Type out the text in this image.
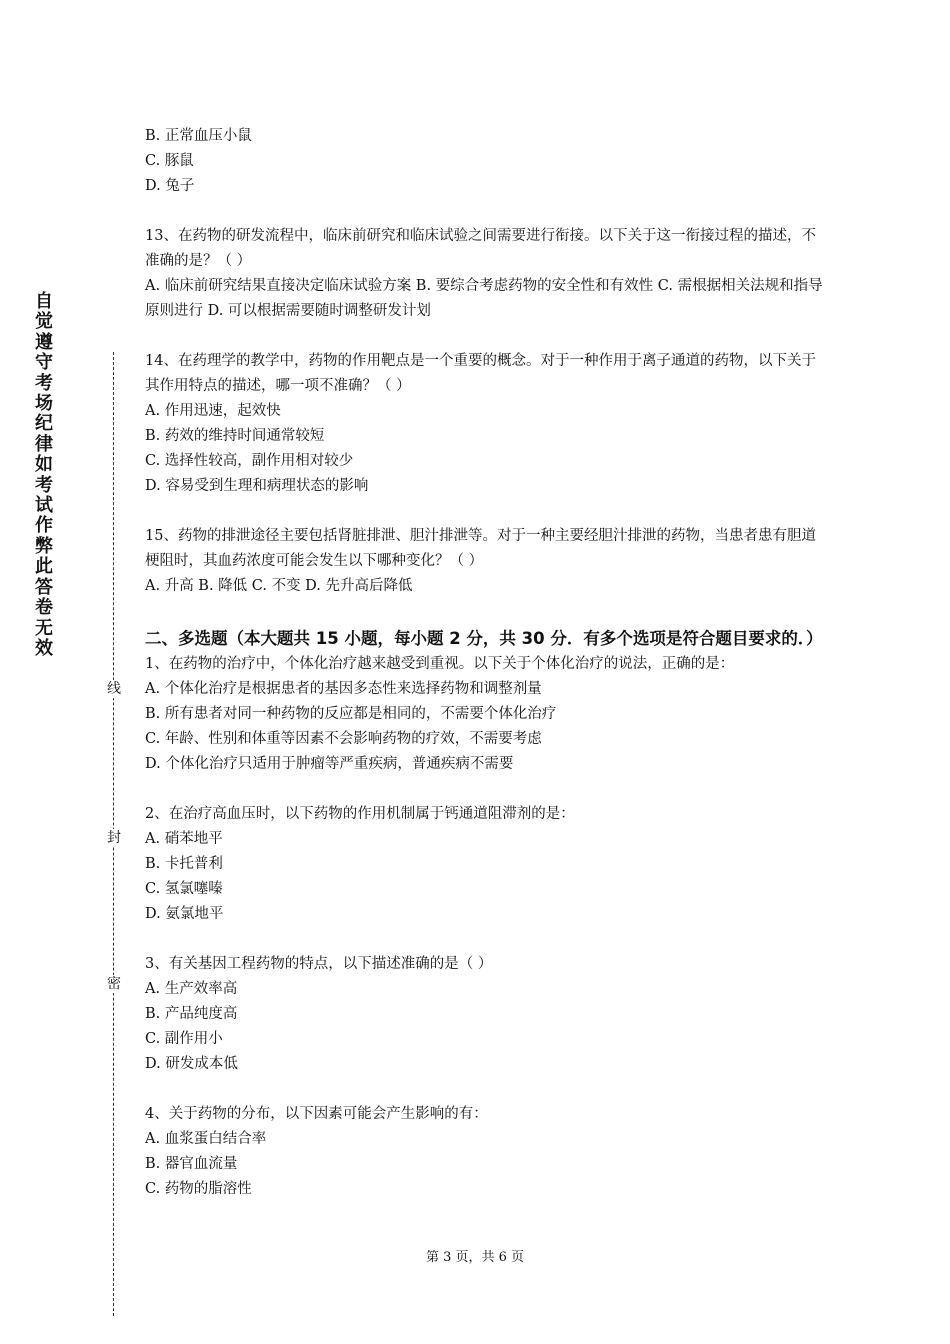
自觉遵守考场纪律如考试作弊此答卷无效
线
封
密
B. 正常血压小鼠
C. 豚鼠
D. 兔子
13、在药物的研发流程中，临床前研究和临床试验之间需要进行衔接。以下关于这一衔接过程的描述，不准确的是？（ ）
A. 临床前研究结果直接决定临床试验方案 B. 要综合考虑药物的安全性和有效性 C. 需根据相关法规和指导原则进行 D. 可以根据需要随时调整研发计划
14、在药理学的教学中，药物的作用靶点是一个重要的概念。对于一种作用于离子通道的药物，以下关于其作用特点的描述，哪一项不准确？（ ）
A. 作用迅速，起效快
B. 药效的维持时间通常较短
C. 选择性较高，副作用相对较少
D. 容易受到生理和病理状态的影响
15、药物的排泄途径主要包括肾脏排泄、胆汁排泄等。对于一种主要经胆汁排泄的药物，当患者患有胆道梗阻时，其血药浓度可能会发生以下哪种变化？（ ）
A. 升高 B. 降低 C. 不变 D. 先升高后降低
二、多选题（本大题共 15 小题，每小题 2 分，共 30 分．有多个选项是符合题目要求的．）
1、在药物的治疗中，个体化治疗越来越受到重视。以下关于个体化治疗的说法，正确的是：
A. 个体化治疗是根据患者的基因多态性来选择药物和调整剂量
B. 所有患者对同一种药物的反应都是相同的，不需要个体化治疗
C. 年龄、性别和体重等因素不会影响药物的疗效，不需要考虑
D. 个体化治疗只适用于肿瘤等严重疾病，普通疾病不需要
2、在治疗高血压时，以下药物的作用机制属于钙通道阻滞剂的是：
A. 硝苯地平
B. 卡托普利
C. 氢氯噻嗪
D. 氨氯地平
3、有关基因工程药物的特点，以下描述准确的是（ ）
A. 生产效率高
B. 产品纯度高
C. 副作用小
D. 研发成本低
4、关于药物的分布，以下因素可能会产生影响的有：
A. 血浆蛋白结合率
B. 器官血流量
C. 药物的脂溶性
第 3 页，共 6 页
